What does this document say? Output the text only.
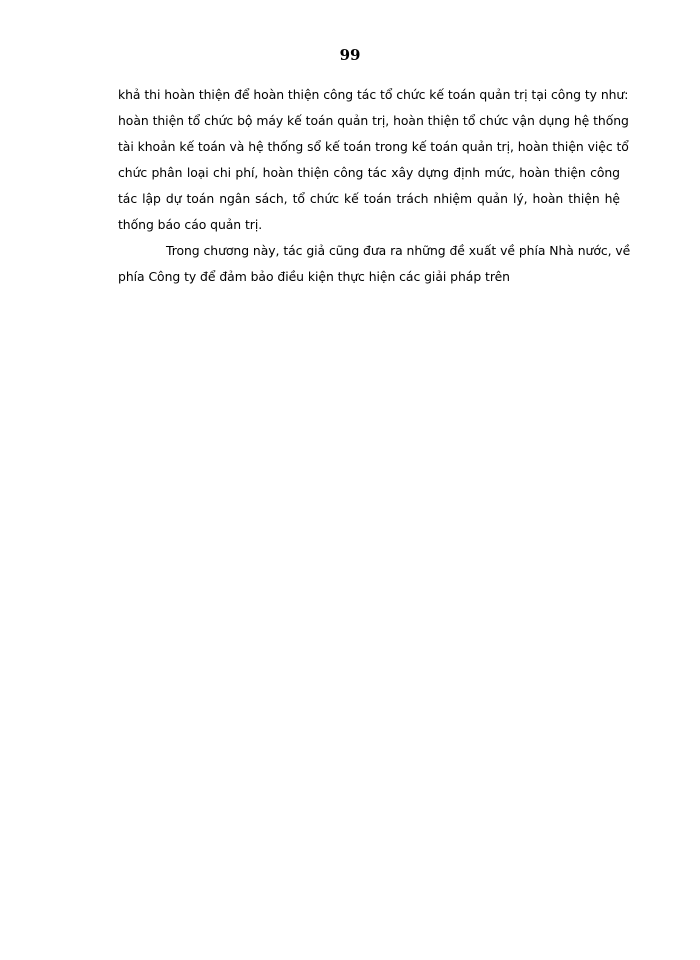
99
khả thi hoàn thiện để hoàn thiện công tác tổ chức kế toán quản trị tại công ty như:
hoàn thiện tổ chức bộ máy kế toán quản trị, hoàn thiện tổ chức vận dụng hệ thống
tài khoản kế toán và hệ thống sổ kế toán trong kế toán quản trị, hoàn thiện việc tổ
chức phân loại chi phí, hoàn thiện công tác xây dựng định mức, hoàn thiện công
tác lập dự toán ngân sách, tổ chức kế toán trách nhiệm quản lý, hoàn thiện hệ
thống báo cáo quản trị.
Trong chương này, tác giả cũng đưa ra những đề xuất về phía Nhà nước, về
phía Công ty để đảm bảo điều kiện thực hiện các giải pháp trên
